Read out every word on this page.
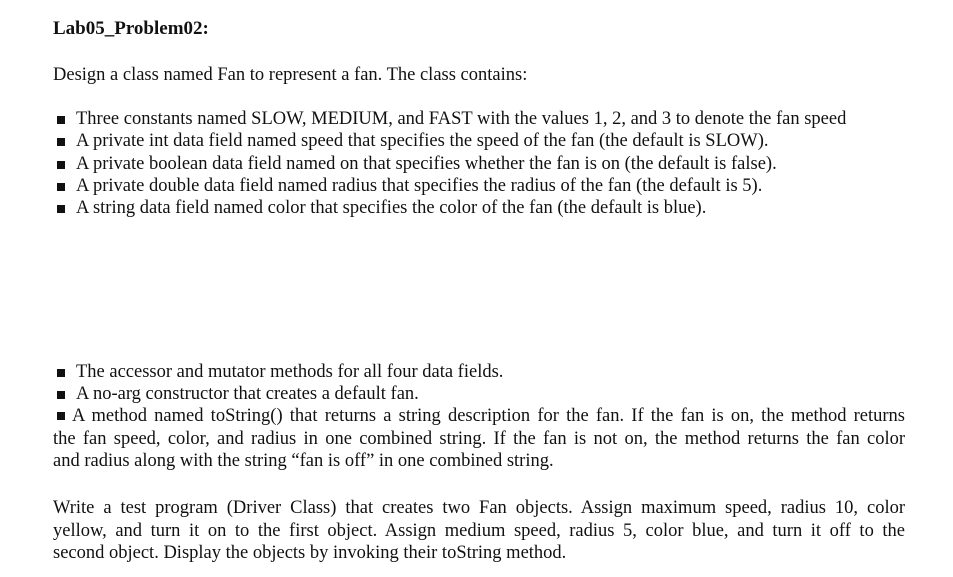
Lab05_Problem02:
Design a class named Fan to represent a fan. The class contains:
Three constants named SLOW, MEDIUM, and FAST with the values 1, 2, and 3 to denote the fan speed
A private int data field named speed that specifies the speed of the fan (the default is SLOW).
A private boolean data field named on that specifies whether the fan is on (the default is false).
A private double data field named radius that specifies the radius of the fan (the default is 5).
A string data field named color that specifies the color of the fan (the default is blue).
The accessor and mutator methods for all four data fields.
A no-arg constructor that creates a default fan.
A method named toString() that returns a string description for the fan. If the fan is on, the method returns
the fan speed, color, and radius in one combined string. If the fan is not on, the method returns the fan color
and radius along with the string “fan is off” in one combined string.
Write a test program (Driver Class) that creates two Fan objects. Assign maximum speed, radius 10, color
yellow, and turn it on to the first object. Assign medium speed, radius 5, color blue, and turn it off to the
second object. Display the objects by invoking their toString method.
